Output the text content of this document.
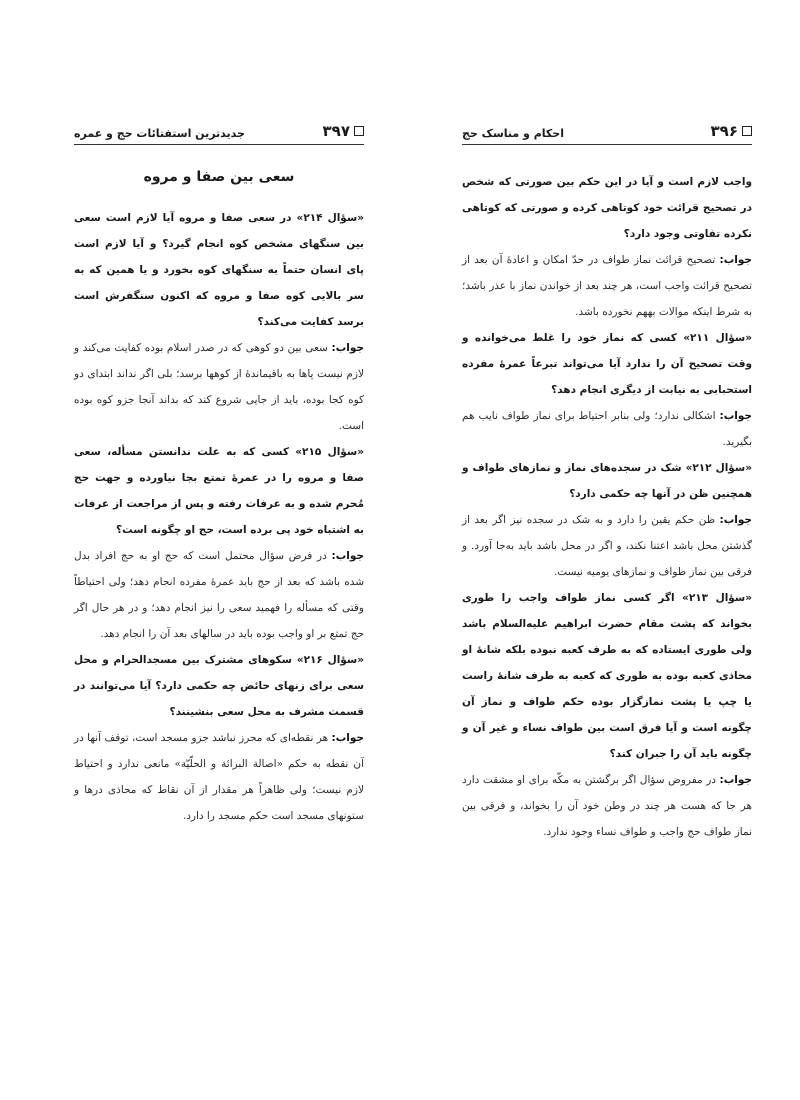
۳۹۶
احکام و مناسک حج

واجب لازم است و آیا در این حکم بین صورتی که شخص در تصحیح قرائت خود کوتاهی کرده و صورتی که کوتاهی نکرده تفاوتی وجود دارد؟

جواب: تصحیح قرائت نماز طواف در حدّ امکان و اعادهٔ آن بعد از تصحیح قرائت واجب است، هر چند بعد از خواندن نماز با عذر باشد؛ به شرط اینکه موالات بههم نخورده باشد.

«سؤال ۲۱۱» کسی که نماز خود را غلط می‌خوانده و وقت تصحیح آن را ندارد آیا می‌تواند تبرعاً عمرهٔ مفرده استحبابی به نیابت از دیگری انجام دهد؟

جواب: اشکالی ندارد؛ ولی بنابر احتیاط برای نماز طواف نایب هم بگیرید.

«سؤال ۲۱۲» شک در سجده‌های نماز و نمازهای طواف و همچنین ظن در آنها چه حکمی دارد؟

جواب: ظن حکم یقین را دارد و به شک در سجده نیز اگر بعد از گذشتن محل باشد اعتنا نکند، و اگر در محل باشد باید به‌جا آورد. و فرقی بین نماز طواف و نمازهای یومیه نیست.

«سؤال ۲۱۳» اگر کسی نماز طواف واجب را طوری بخواند که پشت مقام حضرت ابراهیم علیه‌السلام باشد ولی طوری ایستاده که به طرف کعبه نبوده بلکه شانهٔ او محاذی کعبه بوده به طوری که کعبه به طرف شانهٔ راست یا چپ یا پشت نمازگزار بوده حکم طواف و نماز آن چگونه است و آیا فرق است بین طواف نساء و غیر آن و چگونه باید آن را جبران کند؟

جواب: در مفروض سؤال اگر برگشتن به مکّه برای او مشقت دارد هر جا که هست هر چند در وطن خود آن را بخواند، و فرقی بین نماز طواف حج واجب و طواف نساء وجود ندارد.

۳۹۷
جدیدترین استفتائات حج و عمره
سعی بین صفا و مروه

«سؤال ۲۱۴» در سعی صفا و مروه آیا لازم است سعی بین سنگهای مشخص کوه انجام گیرد؟ و آیا لازم است پای انسان حتماً به سنگهای کوه بخورد و یا همین که به سر بالایی کوه صفا و مروه که اکنون سنگفرش است برسد کفایت می‌کند؟

جواب: سعی بین دو کوهی که در صدر اسلام بوده کفایت می‌کند و لازم نیست پاها به باقیماندهٔ از کوهها برسد؛ بلی اگر نداند ابتدای دو کوه کجا بوده، باید از جایی شروع کند که بداند آنجا جزو کوه بوده است.

«سؤال ۲۱۵» کسی که به علت ندانستن مسأله، سعی صفا و مروه را در عمرهٔ تمتع بجا نیاورده و جهت حج مُحرم شده و به عرفات رفته و پس از مراجعت از عرفات به اشتباه خود پی برده است، حج او چگونه است؟

جواب: در فرض سؤال محتمل است که حج او به حج افراد بدل شده باشد که بعد از حج باید عمرهٔ مفرده انجام دهد؛ ولی احتیاطاً وقتی که مسأله را فهمید سعی را نیز انجام دهد؛ و در هر حال اگر حج تمتع بر او واجب بوده باید در سالهای بعد آن را انجام دهد.

«سؤال ۲۱۶» سکوهای مشترک بین مسجدالحرام و محل سعی برای زنهای حائض چه حکمی دارد؟ آیا می‌توانند در قسمت مشرف به محل سعی بنشینند؟

جواب: هر نقطه‌ای که محرز نباشد جزو مسجد است، توقف آنها در آن نقطه به حکم «اصالة البرائة و الحلّیّة» مانعی ندارد و احتیاط لازم نیست؛ ولی ظاهراً هر مقدار از آن نقاط که محاذی درها و ستونهای مسجد است حکم مسجد را دارد.
